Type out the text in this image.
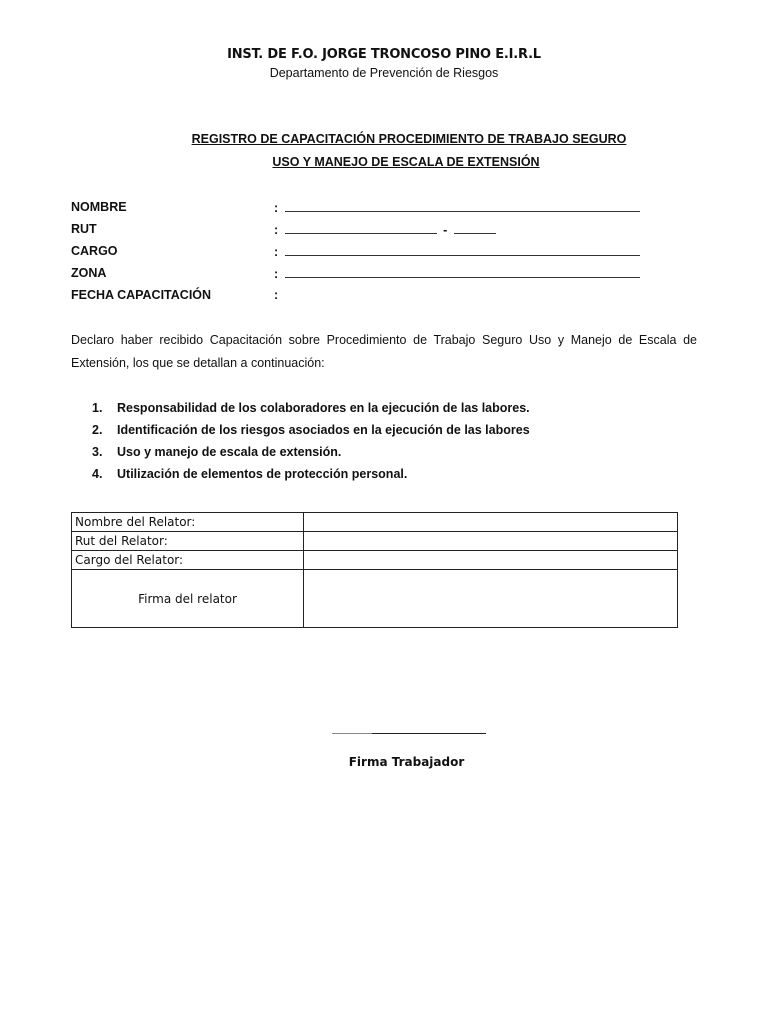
INST. DE F.O. JORGE TRONCOSO PINO E.I.R.L
Departamento de Prevención de Riesgos
REGISTRO DE CAPACITACIÓN PROCEDIMIENTO DE TRABAJO SEGURO
USO Y MANEJO DE ESCALA DE EXTENSIÓN
NOMBRE	:
RUT	:	-
CARGO	:
ZONA	:
FECHA CAPACITACIÓN	:
Declaro haber recibido Capacitación sobre Procedimiento de Trabajo Seguro Uso y Manejo de Escala de Extensión, los que se detallan a continuación:
1. Responsabilidad de los colaboradores en la ejecución de las labores.
2. Identificación de los riesgos asociados en la ejecución de las labores
3. Uso y manejo de escala de extensión.
4. Utilización de elementos de protección personal.
Nombre del Relator:	
Rut del Relator:	
Cargo del Relator:	
Firma del relator	
Firma Trabajador
